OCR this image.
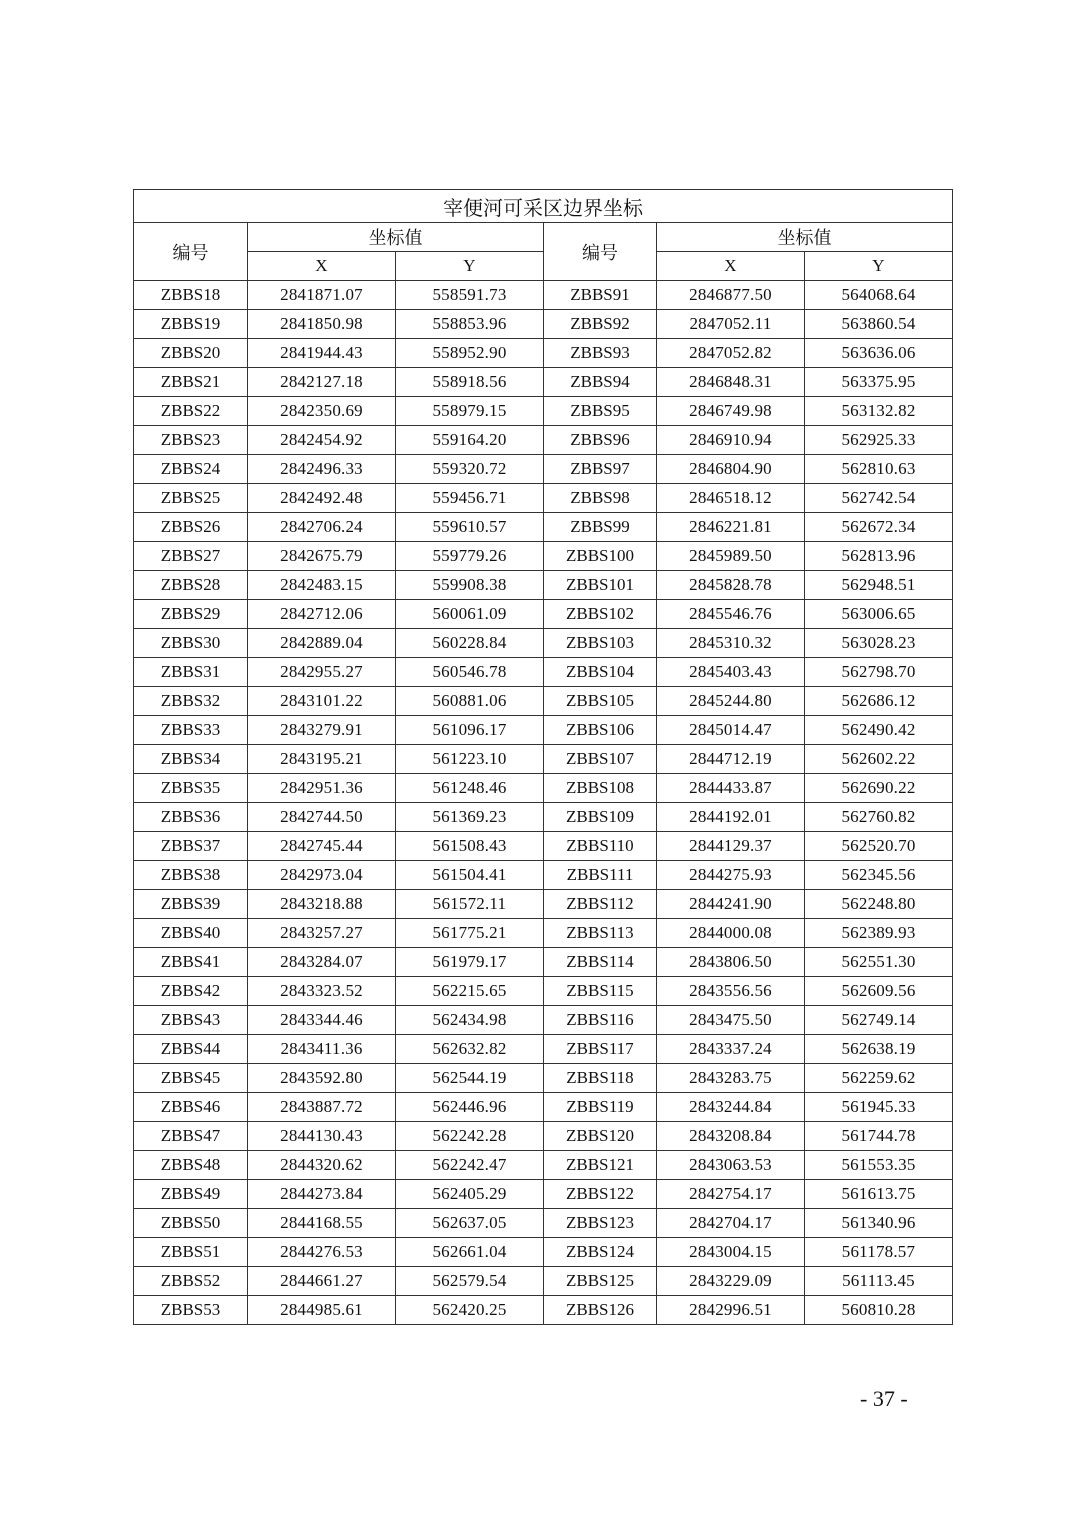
宰便河可采区边界坐标					
编号	坐标值		编号	坐标值	
	X	Y		X	Y
ZBBS18	2841871.07	558591.73	ZBBS91	2846877.50	564068.64
ZBBS19	2841850.98	558853.96	ZBBS92	2847052.11	563860.54
ZBBS20	2841944.43	558952.90	ZBBS93	2847052.82	563636.06
ZBBS21	2842127.18	558918.56	ZBBS94	2846848.31	563375.95
ZBBS22	2842350.69	558979.15	ZBBS95	2846749.98	563132.82
ZBBS23	2842454.92	559164.20	ZBBS96	2846910.94	562925.33
ZBBS24	2842496.33	559320.72	ZBBS97	2846804.90	562810.63
ZBBS25	2842492.48	559456.71	ZBBS98	2846518.12	562742.54
ZBBS26	2842706.24	559610.57	ZBBS99	2846221.81	562672.34
ZBBS27	2842675.79	559779.26	ZBBS100	2845989.50	562813.96
ZBBS28	2842483.15	559908.38	ZBBS101	2845828.78	562948.51
ZBBS29	2842712.06	560061.09	ZBBS102	2845546.76	563006.65
ZBBS30	2842889.04	560228.84	ZBBS103	2845310.32	563028.23
ZBBS31	2842955.27	560546.78	ZBBS104	2845403.43	562798.70
ZBBS32	2843101.22	560881.06	ZBBS105	2845244.80	562686.12
ZBBS33	2843279.91	561096.17	ZBBS106	2845014.47	562490.42
ZBBS34	2843195.21	561223.10	ZBBS107	2844712.19	562602.22
ZBBS35	2842951.36	561248.46	ZBBS108	2844433.87	562690.22
ZBBS36	2842744.50	561369.23	ZBBS109	2844192.01	562760.82
ZBBS37	2842745.44	561508.43	ZBBS110	2844129.37	562520.70
ZBBS38	2842973.04	561504.41	ZBBS111	2844275.93	562345.56
ZBBS39	2843218.88	561572.11	ZBBS112	2844241.90	562248.80
ZBBS40	2843257.27	561775.21	ZBBS113	2844000.08	562389.93
ZBBS41	2843284.07	561979.17	ZBBS114	2843806.50	562551.30
ZBBS42	2843323.52	562215.65	ZBBS115	2843556.56	562609.56
ZBBS43	2843344.46	562434.98	ZBBS116	2843475.50	562749.14
ZBBS44	2843411.36	562632.82	ZBBS117	2843337.24	562638.19
ZBBS45	2843592.80	562544.19	ZBBS118	2843283.75	562259.62
ZBBS46	2843887.72	562446.96	ZBBS119	2843244.84	561945.33
ZBBS47	2844130.43	562242.28	ZBBS120	2843208.84	561744.78
ZBBS48	2844320.62	562242.47	ZBBS121	2843063.53	561553.35
ZBBS49	2844273.84	562405.29	ZBBS122	2842754.17	561613.75
ZBBS50	2844168.55	562637.05	ZBBS123	2842704.17	561340.96
ZBBS51	2844276.53	562661.04	ZBBS124	2843004.15	561178.57
ZBBS52	2844661.27	562579.54	ZBBS125	2843229.09	561113.45
ZBBS53	2844985.61	562420.25	ZBBS126	2842996.51	560810.28
- 37 -
